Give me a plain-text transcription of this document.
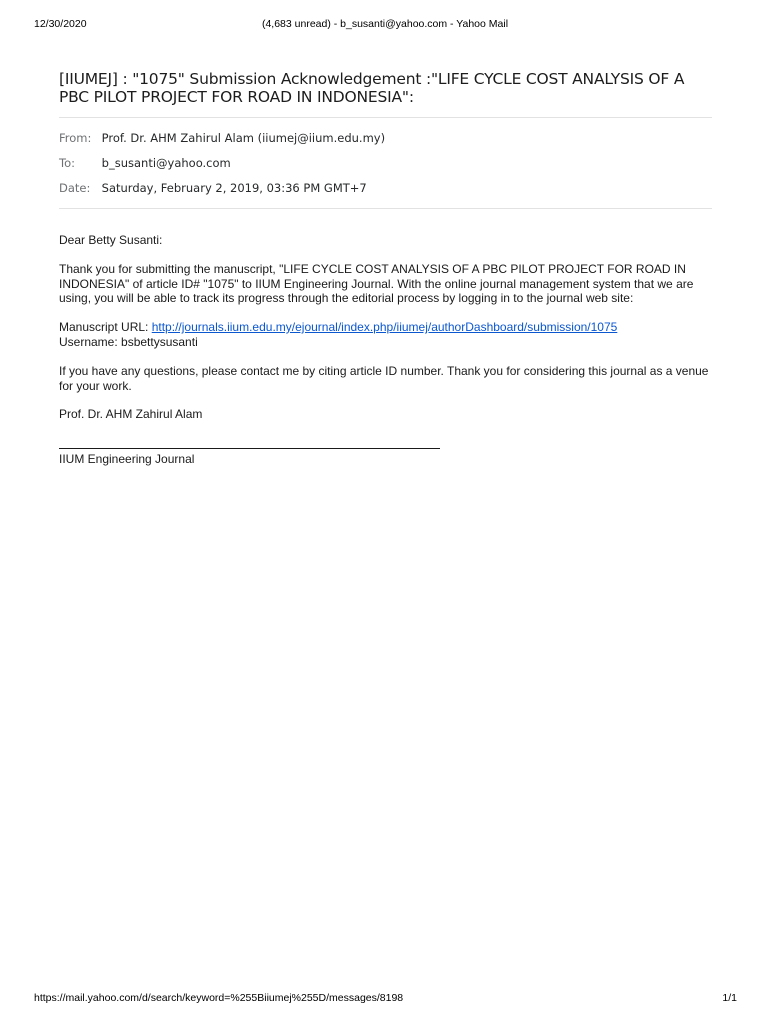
12/30/2020	(4,683 unread) - b_susanti@yahoo.com - Yahoo Mail
[IIUMEJ] : "1075" Submission Acknowledgement :"LIFE CYCLE COST ANALYSIS OF A PBC PILOT PROJECT FOR ROAD IN INDONESIA":
From: Prof. Dr. AHM Zahirul Alam (iiumej@iium.edu.my)
To: b_susanti@yahoo.com
Date: Saturday, February 2, 2019, 03:36 PM GMT+7
Dear Betty Susanti:
Thank you for submitting the manuscript, "LIFE CYCLE COST ANALYSIS OF A PBC PILOT PROJECT FOR ROAD IN INDONESIA" of article ID# "1075" to IIUM Engineering Journal. With the online journal management system that we are using, you will be able to track its progress through the editorial process by logging in to the journal web site:
Manuscript URL: http://journals.iium.edu.my/ejournal/index.php/iiumej/authorDashboard/submission/1075
Username: bsbettysusanti
If you have any questions, please contact me by citing article ID number. Thank you for considering this journal as a venue for your work.
Prof. Dr. AHM Zahirul Alam
IIUM Engineering Journal
https://mail.yahoo.com/d/search/keyword=%255Biiumej%255D/messages/8198	1/1
